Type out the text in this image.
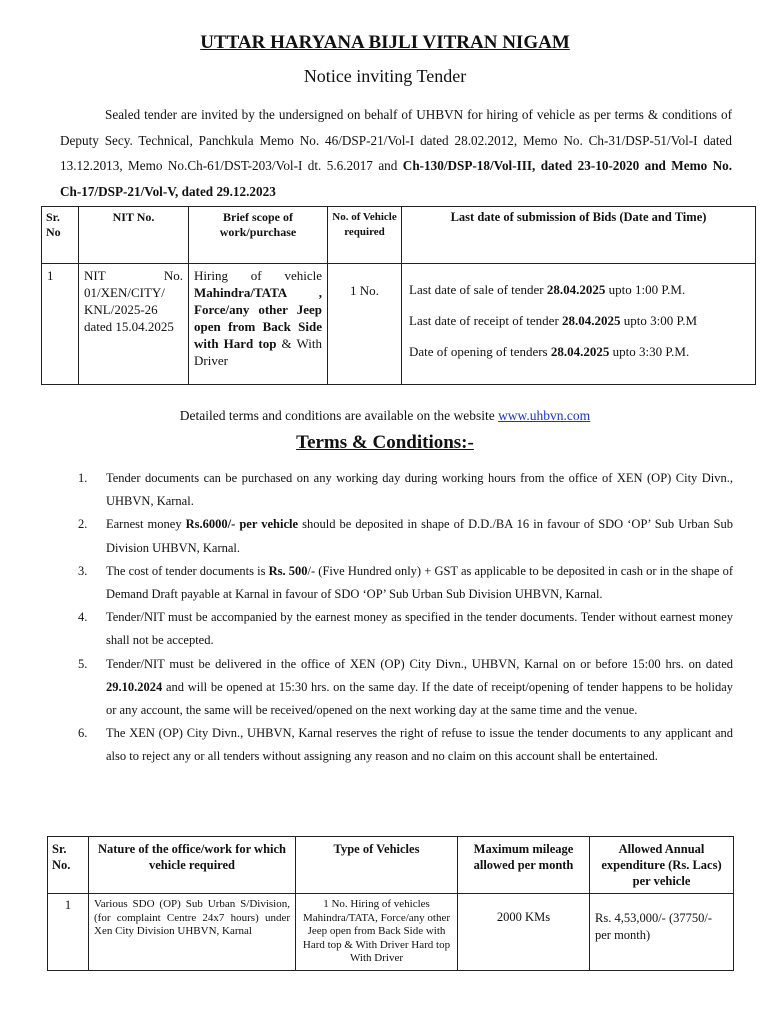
UTTAR HARYANA BIJLI VITRAN NIGAM
Notice inviting Tender

Sealed tender are invited by the undersigned on behalf of UHBVN for hiring of vehicle as per terms & conditions of Deputy Secy. Technical, Panchkula Memo No. 46/DSP-21/Vol-I dated 28.02.2012, Memo No. Ch-31/DSP-51/Vol-I dated 13.12.2013, Memo No.Ch-61/DST-203/Vol-I dt. 5.6.2017 and Ch-130/DSP-18/Vol-III, dated 23-10-2020 and Memo No. Ch-17/DSP-21/Vol-V, dated 29.12.2023

Sr. No	NIT No.	Brief scope of work/purchase	No. of Vehicle required	Last date of submission of Bids (Date and Time)
1	NIT No. 01/XEN/CITY/ KNL/2025-26 dated 15.04.2025	Hiring of vehicle Mahindra/TATA , Force/any other Jeep open from Back Side with Hard top & With Driver	1 No.	Last date of sale of tender 28.04.2025 upto 1:00 P.M.
Last date of receipt of tender 28.04.2025 upto 3:00 P.M
Date of opening of tenders 28.04.2025 upto 3:30 P.M.
Detailed terms and conditions are available on the website www.uhbvn.com
Terms & Conditions:-
1. Tender documents can be purchased on any working day during working hours from the office of XEN (OP) City Divn., UHBVN, Karnal.
2. Earnest money Rs.6000/- per vehicle should be deposited in shape of D.D./BA 16 in favour of SDO ‘OP’ Sub Urban Sub Division UHBVN, Karnal.
3. The cost of tender documents is Rs. 500/- (Five Hundred only) + GST as applicable to be deposited in cash or in the shape of Demand Draft payable at Karnal in favour of SDO ‘OP’ Sub Urban Sub Division UHBVN, Karnal.
4. Tender/NIT must be accompanied by the earnest money as specified in the tender documents. Tender without earnest money shall not be accepted.
5. Tender/NIT must be delivered in the office of XEN (OP) City Divn., UHBVN, Karnal on or before 15:00 hrs. on dated 29.10.2024 and will be opened at 15:30 hrs. on the same day. If the date of receipt/opening of tender happens to be holiday or any account, the same will be received/opened on the next working day at the same time and the venue.
6. The XEN (OP) City Divn., UHBVN, Karnal reserves the right of refuse to issue the tender documents to any applicant and also to reject any or all tenders without assigning any reason and no claim on this account shall be entertained.
Sr. No.	Nature of the office/work for which vehicle required	Type of Vehicles	Maximum mileage allowed per month	Allowed Annual expenditure (Rs. Lacs) per vehicle
1	Various SDO (OP) Sub Urban S/Division, (for complaint Centre 24x7 hours) under Xen City Division UHBVN, Karnal	1 No. Hiring of vehicles Mahindra/TATA, Force/any other Jeep open from Back Side with Hard top & With Driver Hard top With Driver	2000 KMs	Rs. 4,53,000/- (37750/- per month)
